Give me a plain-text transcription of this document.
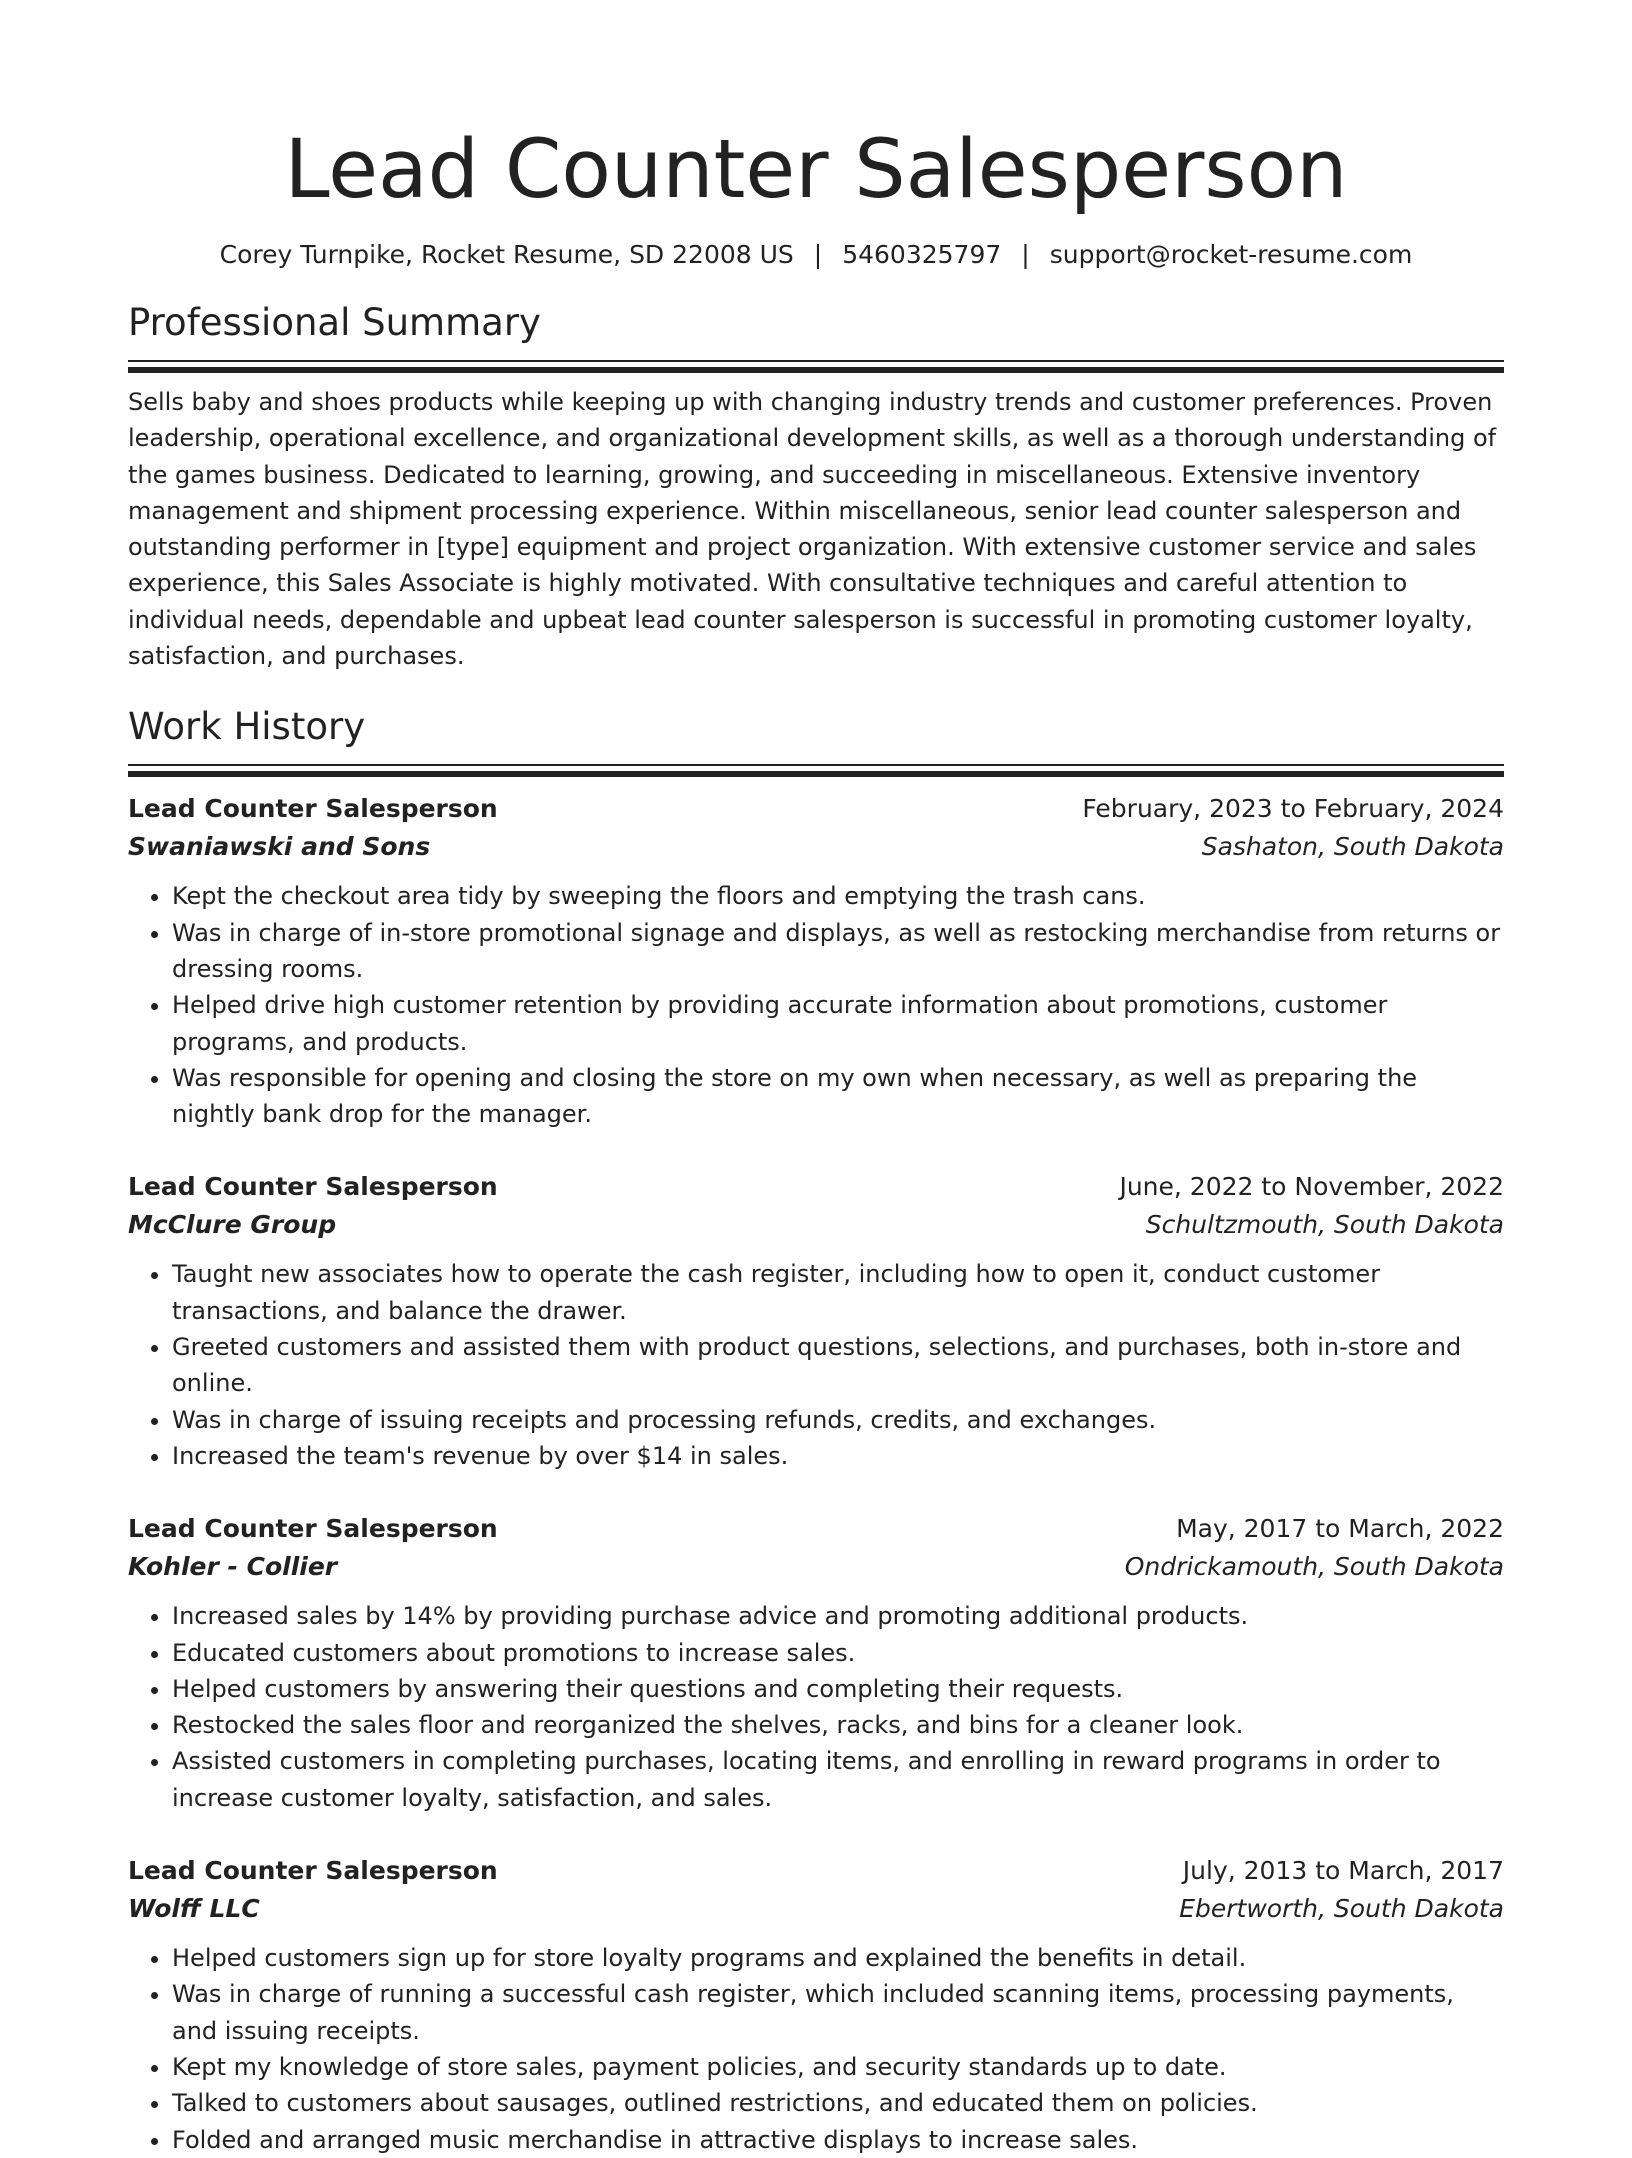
Lead Counter Salesperson
Corey Turnpike, Rocket Resume, SD 22008 US | 5460325797 | support@rocket-resume.com
Professional Summary

Sells baby and shoes products while keeping up with changing industry trends and customer preferences. Proven leadership, operational excellence, and organizational development skills, as well as a thorough understanding of the games business. Dedicated to learning, growing, and succeeding in miscellaneous. Extensive inventory management and shipment processing experience. Within miscellaneous, senior lead counter salesperson and outstanding performer in [type] equipment and project organization. With extensive customer service and sales experience, this Sales Associate is highly motivated. With consultative techniques and careful attention to individual needs, dependable and upbeat lead counter salesperson is successful in promoting customer loyalty, satisfaction, and purchases.

Work History
Lead Counter Salesperson	February, 2023 to February, 2024
Swaniawski and Sons	Sashaton, South Dakota
• Kept the checkout area tidy by sweeping the floors and emptying the trash cans.
• Was in charge of in-store promotional signage and displays, as well as restocking merchandise from returns or dressing rooms.
• Helped drive high customer retention by providing accurate information about promotions, customer programs, and products.
• Was responsible for opening and closing the store on my own when necessary, as well as preparing the nightly bank drop for the manager.
Lead Counter Salesperson	June, 2022 to November, 2022
McClure Group	Schultzmouth, South Dakota
• Taught new associates how to operate the cash register, including how to open it, conduct customer transactions, and balance the drawer.
• Greeted customers and assisted them with product questions, selections, and purchases, both in-store and online.
• Was in charge of issuing receipts and processing refunds, credits, and exchanges.
• Increased the team's revenue by over $14 in sales.
Lead Counter Salesperson	May, 2017 to March, 2022
Kohler - Collier	Ondrickamouth, South Dakota
• Increased sales by 14% by providing purchase advice and promoting additional products.
• Educated customers about promotions to increase sales.
• Helped customers by answering their questions and completing their requests.
• Restocked the sales floor and reorganized the shelves, racks, and bins for a cleaner look.
• Assisted customers in completing purchases, locating items, and enrolling in reward programs in order to increase customer loyalty, satisfaction, and sales.
Lead Counter Salesperson	July, 2013 to March, 2017
Wolff LLC	Ebertworth, South Dakota
• Helped customers sign up for store loyalty programs and explained the benefits in detail.
• Was in charge of running a successful cash register, which included scanning items, processing payments, and issuing receipts.
• Kept my knowledge of store sales, payment policies, and security standards up to date.
• Talked to customers about sausages, outlined restrictions, and educated them on policies.
• Folded and arranged music merchandise in attractive displays to increase sales.
